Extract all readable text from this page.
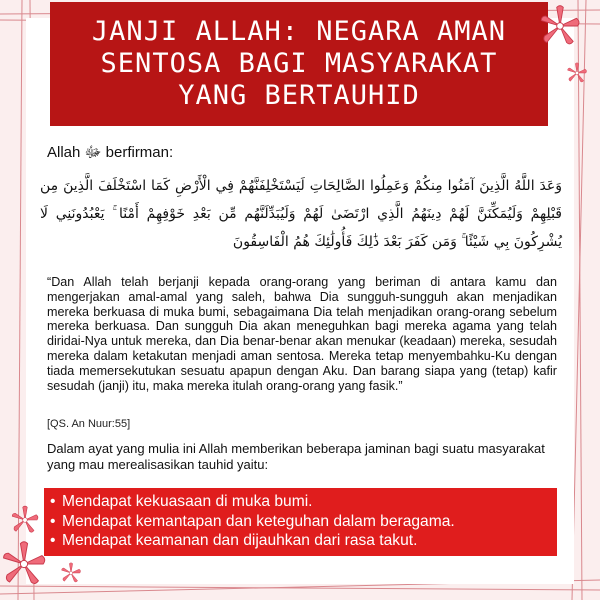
JANJI ALLAH: NEGARA AMAN
SENTOSA BAGI MASYARAKAT
YANG BERTAUHID
Allah ﷻ berfirman:
وَعَدَ اللَّهُ الَّذِينَ آمَنُوا مِنكُمْ وَعَمِلُوا الصَّالِحَاتِ لَيَسْتَخْلِفَنَّهُمْ فِي الْأَرْضِ كَمَا اسْتَخْلَفَ الَّذِينَ مِن قَبْلِهِمْ وَلَيُمَكِّنَنَّ لَهُمْ دِينَهُمُ الَّذِي ارْتَضَىٰ لَهُمْ وَلَيُبَدِّلَنَّهُم مِّن بَعْدِ خَوْفِهِمْ أَمْنًا ۚ يَعْبُدُونَنِي لَا يُشْرِكُونَ بِي شَيْئًا ۚ وَمَن كَفَرَ بَعْدَ ذَٰلِكَ فَأُولَٰئِكَ هُمُ الْفَاسِقُونَ
“Dan Allah telah berjanji kepada orang-orang yang beriman di antara kamu dan mengerjakan amal-amal yang saleh, bahwa Dia sungguh-sungguh akan menjadikan mereka berkuasa di muka bumi, sebagaimana Dia telah menjadikan orang-orang sebelum mereka berkuasa. Dan sungguh Dia akan meneguhkan bagi mereka agama yang telah diridai-Nya untuk mereka, dan Dia benar-benar akan menukar (keadaan) mereka, sesudah mereka dalam ketakutan menjadi aman sentosa. Mereka tetap menyembahku-Ku dengan tiada memersekutukan sesuatu apapun dengan Aku. Dan barang siapa yang (tetap) kafir sesudah (janji) itu, maka mereka itulah orang-orang yang fasik.”
[QS. An Nuur:55]
Dalam ayat yang mulia ini Allah memberikan beberapa jaminan bagi suatu masyarakat yang mau merealisasikan tauhid yaitu:
• Mendapat kekuasaan di muka bumi.
• Mendapat kemantapan dan keteguhan dalam beragama.
• Mendapat keamanan dan dijauhkan dari rasa takut.
